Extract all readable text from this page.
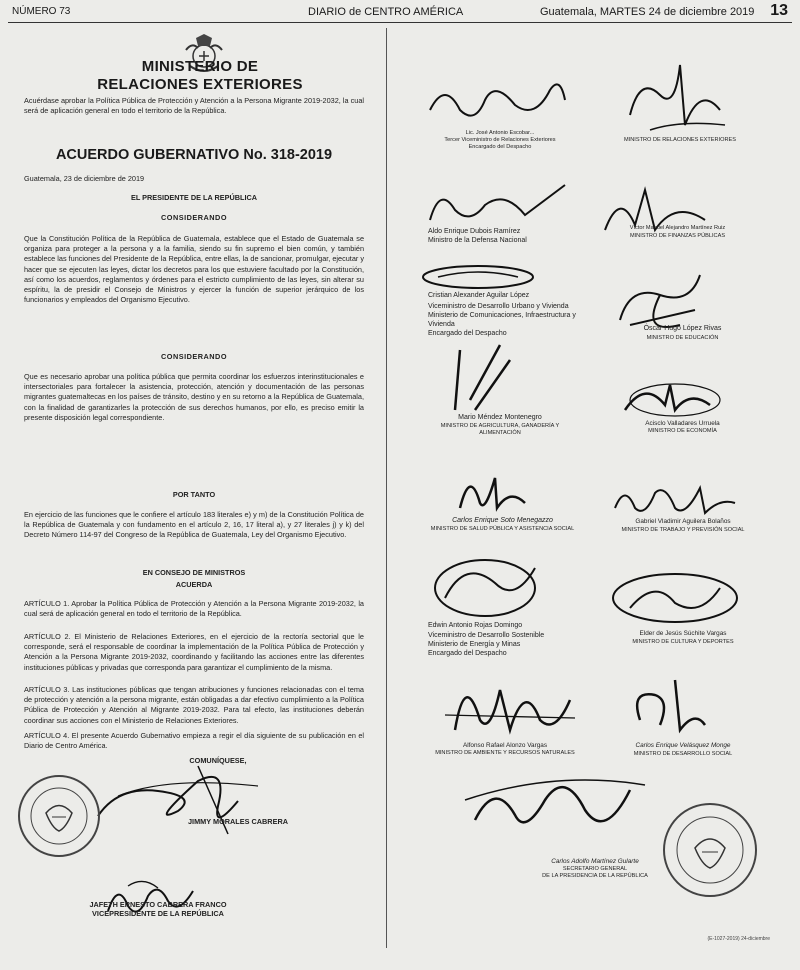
NÚMERO 73	DIARIO de CENTRO AMÉRICA	Guatemala, MARTES 24 de diciembre 2019 13
MINISTERIO DE
RELACIONES EXTERIORES
Acuérdase aprobar la Política Pública de Protección y Atención a la Persona Migrante 2019-2032, la cual será de aplicación general en todo el territorio de la República.
ACUERDO GUBERNATIVO No. 318-2019
Guatemala, 23 de diciembre de 2019
EL PRESIDENTE DE LA REPÚBLICA
CONSIDERANDO
Que la Constitución Política de la República de Guatemala, establece que el Estado de Guatemala se organiza para proteger a la persona y a la familia, siendo su fin supremo el bien común, y también establece las funciones del Presidente de la República, entre ellas, la de sancionar, promulgar, ejecutar y hacer que se ejecuten las leyes, dictar los decretos para los que estuviere facultado por la Constitución, así como los acuerdos, reglamentos y órdenes para el estricto cumplimiento de las leyes, sin alterar su espíritu, la de presidir el Consejo de Ministros y ejercer la función de superior jerárquico de los funcionarios y empleados del Organismo Ejecutivo.
CONSIDERANDO
Que es necesario aprobar una política pública que permita coordinar los esfuerzos interinstitucionales e intersectoriales para fortalecer la asistencia, protección, atención y documentación de las personas migrantes guatemaltecas en los países de tránsito, destino y en su retorno a la República de Guatemala, con la finalidad de garantizarles la protección de sus derechos humanos, por ello, es preciso emitir la presente disposición legal correspondiente.
POR TANTO
En ejercicio de las funciones que le confiere el artículo 183 literales e) y m) de la Constitución Política de la República de Guatemala y con fundamento en el artículo 2, 16, 17 literal a), y 27 literales j) y k) del Decreto Número 114-97 del Congreso de la República de Guatemala, Ley del Organismo Ejecutivo.
EN CONSEJO DE MINISTROS
ACUERDA
ARTÍCULO 1. Aprobar la Política Pública de Protección y Atención a la Persona Migrante 2019-2032, la cual será de aplicación general en todo el territorio de la República.
ARTÍCULO 2. El Ministerio de Relaciones Exteriores, en el ejercicio de la rectoría sectorial que le corresponde, será el responsable de coordinar la implementación de la Política Pública de Protección y Atención a la Persona Migrante 2019-2032, coordinando y facilitando las acciones entre las diferentes instituciones públicas y privadas que corresponda para garantizar el cumplimiento de la misma.
ARTÍCULO 3. Las instituciones públicas que tengan atribuciones y funciones relacionadas con el tema de protección y atención a la persona migrante, están obligadas a dar efectivo cumplimiento a la Política Pública de Protección y Atención al Migrante 2019-2032. Para tal efecto, las instituciones deberán coordinar sus acciones con el Ministerio de Relaciones Exteriores.
ARTÍCULO 4. El presente Acuerdo Gubernativo empieza a regir el día siguiente de su publicación en el Diario de Centro América.
COMUNÍQUESE,
JIMMY MORALES CABRERA
JAFETH ERNESTO CABRERA FRANCO
VICEPRESIDENTE DE LA REPÚBLICA
Lic. José Antonio Escobar...
Tercer Viceministro de Relaciones Exteriores
Encargado del Despacho
MINISTRO DE RELACIONES EXTERIORES
Aldo Enrique Dubois Ramírez
Ministro de la Defensa Nacional
Víctor Manuel Alejandro Martínez Ruiz
MINISTRO DE FINANZAS PÚBLICAS
Cristian Alexander Aguilar López
Viceministro de Desarrollo Urbano y Vivienda
Ministerio de Comunicaciones, Infraestructura y Vivienda
Encargado del Despacho
Óscar Hugo López Rivas
MINISTRO DE EDUCACIÓN
Mario Méndez Montenegro
MINISTRO DE AGRICULTURA, GANADERÍA Y ALIMENTACIÓN
Acisclo Valladares Urruela
MINISTRO DE ECONOMÍA
Carlos Enrique Soto Menegazzo
MINISTRO DE SALUD PÚBLICA Y ASISTENCIA SOCIAL
Gabriel Vladimir Aguilera Bolaños
MINISTRO DE TRABAJO Y PREVISIÓN SOCIAL
Edwin Antonio Rojas Domingo
Viceministro de Desarrollo Sostenible
Ministerio de Energía y Minas
Encargado del Despacho
Elder de Jesús Súchite Vargas
MINISTRO DE CULTURA Y DEPORTES
Alfonso Rafael Alonzo Vargas
MINISTRO DE AMBIENTE Y RECURSOS NATURALES
Carlos Enrique Velásquez Monge
MINISTRO DE DESARROLLO SOCIAL
Carlos Adolfo Martínez Gularte
SECRETARIO GENERAL
DE LA PRESIDENCIA DE LA REPÚBLICA
(E-1027-2019) 24-diciembre
